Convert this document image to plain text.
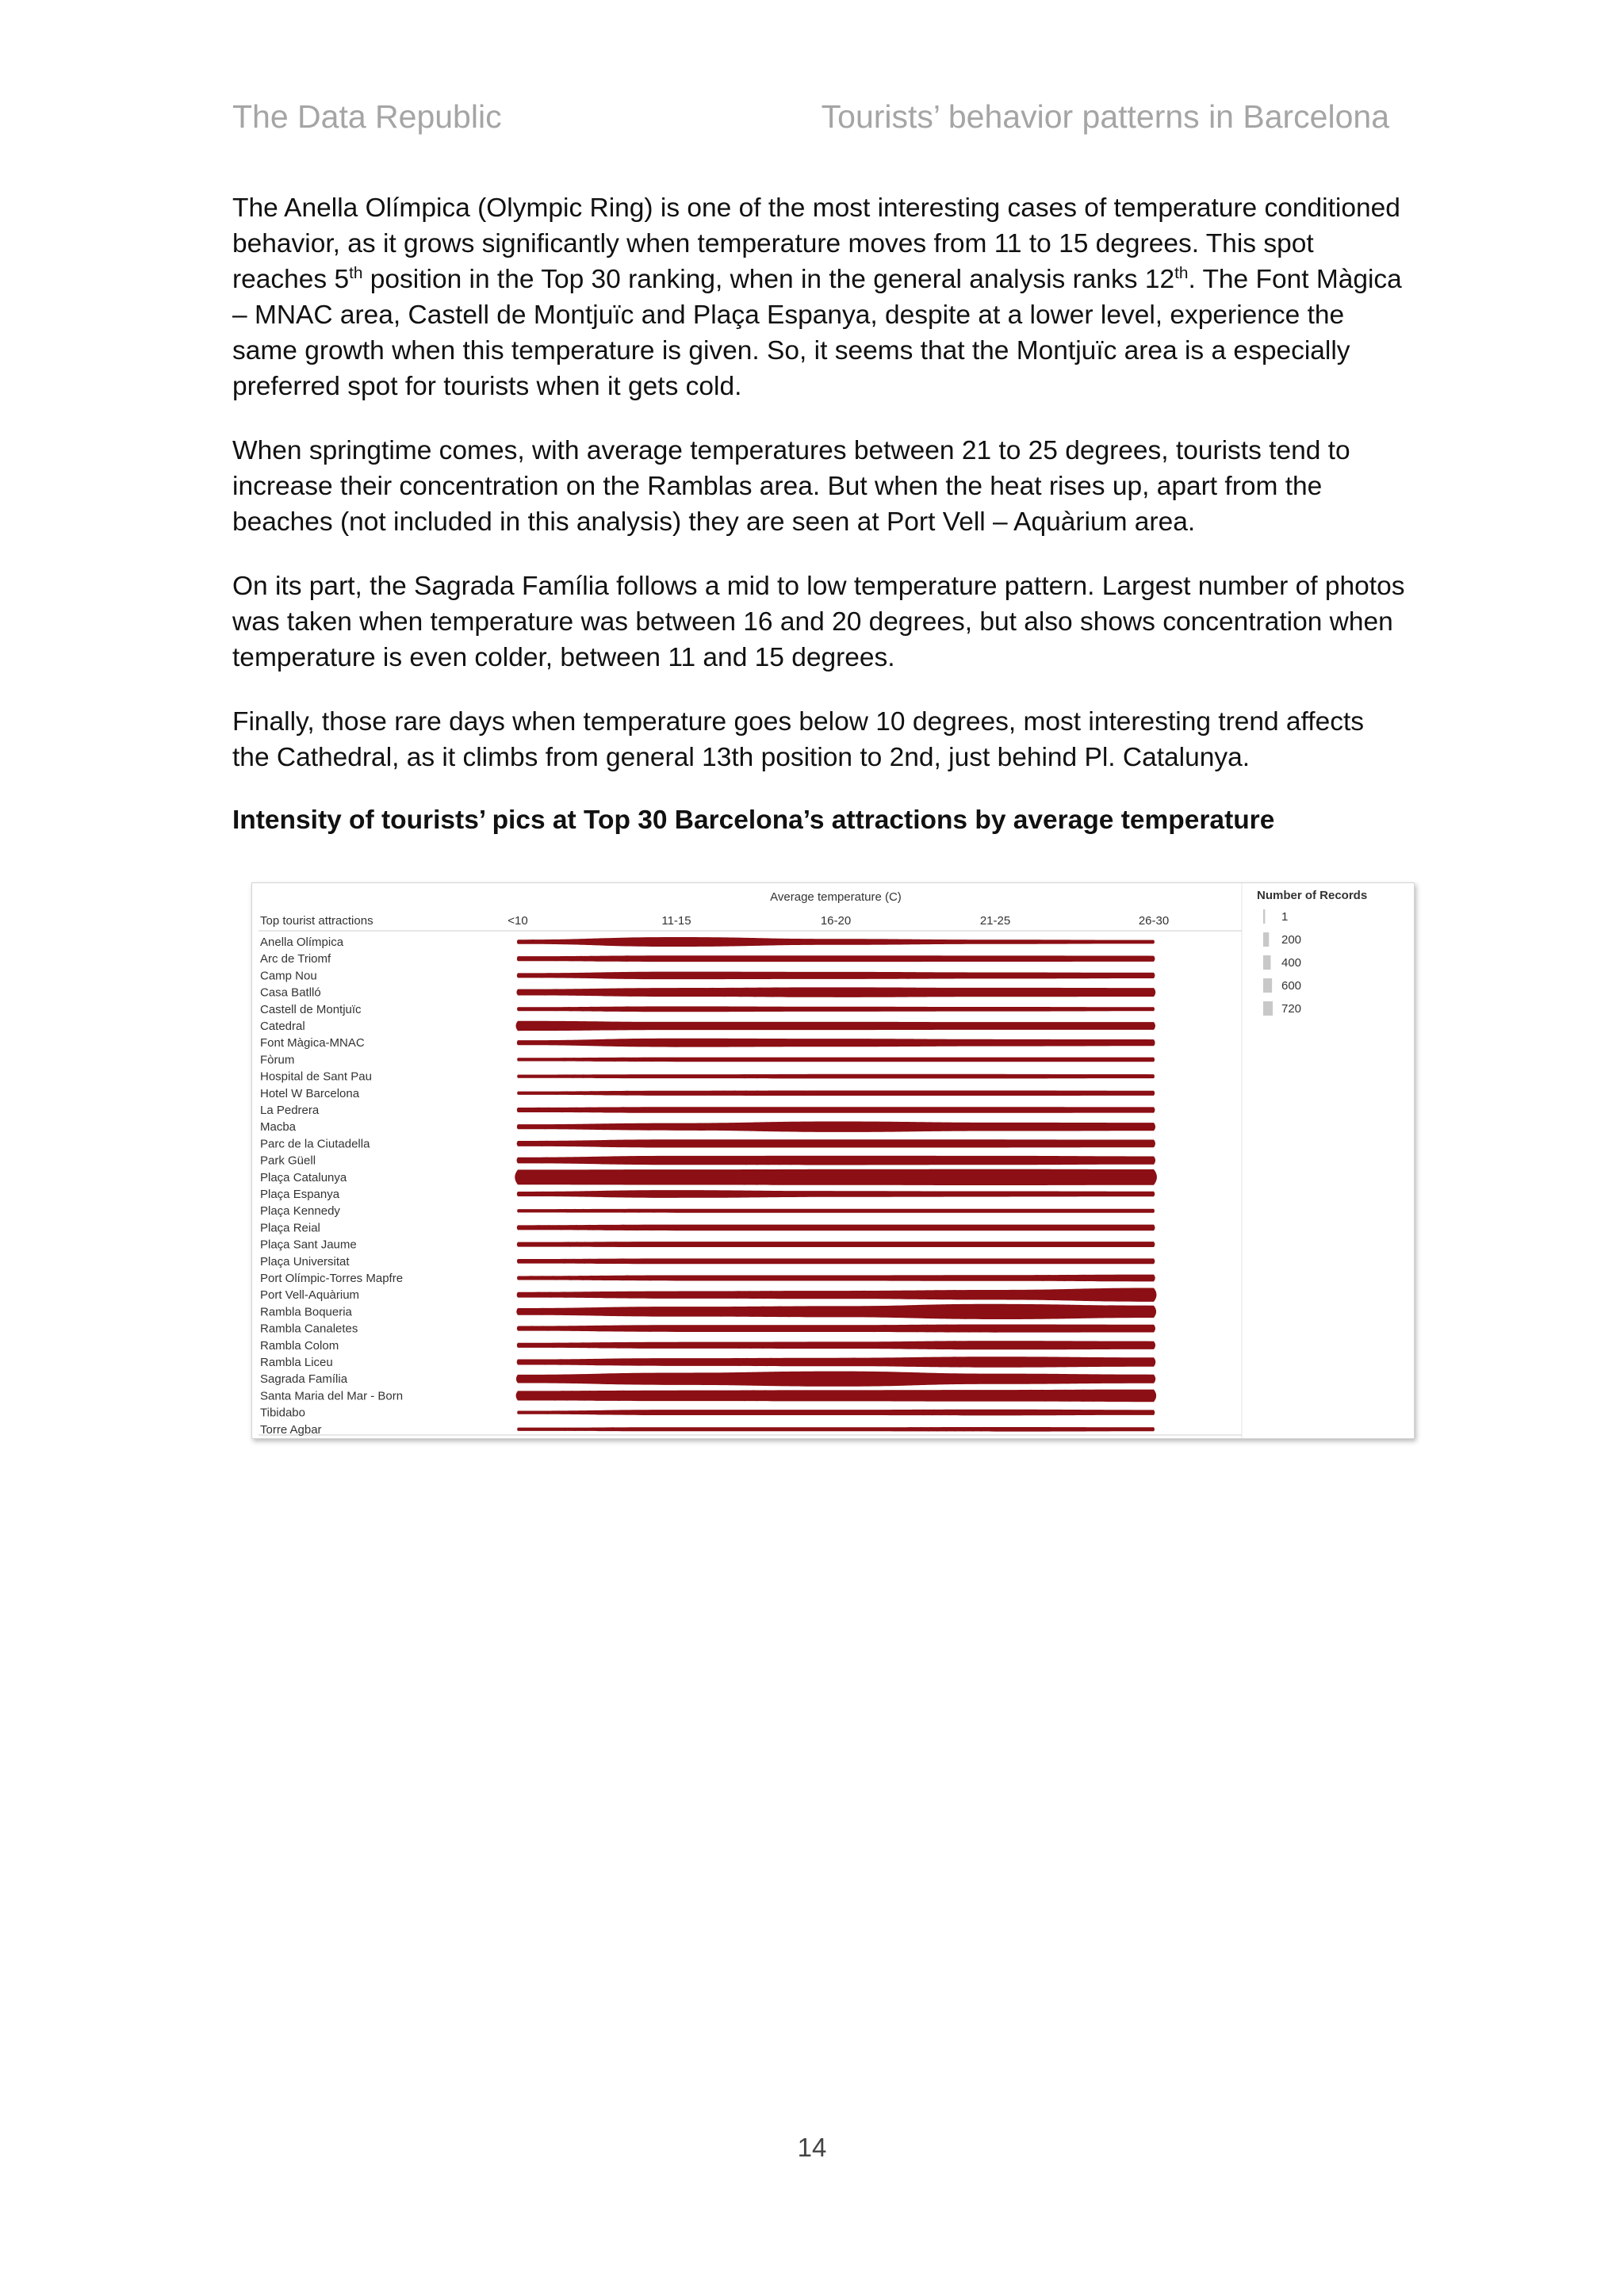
The Data Republic	Tourists’ behavior patterns in Barcelona

The Anella Olímpica (Olympic Ring) is one of the most interesting cases of temperature conditioned behavior, as it grows significantly when temperature moves from 11 to 15 degrees. This spot reaches 5th position in the Top 30 ranking, when in the general analysis ranks 12th. The Font Màgica – MNAC area, Castell de Montjuïc and Plaça Espanya, despite at a lower level, experience the same growth when this temperature is given. So, it seems that the Montjuïc area is a especially preferred spot for tourists when it gets cold.

When springtime comes, with average temperatures between 21 to 25 degrees, tourists tend to increase their concentration on the Ramblas area. But when the heat rises up, apart from the beaches (not included in this analysis) they are seen at Port Vell – Aquàrium area.

On its part, the Sagrada Família follows a mid to low temperature pattern. Largest number of photos was taken when temperature was between 16 and 20 degrees, but also shows concentration when temperature is even colder, between 11 and 15 degrees.

Finally, those rare days when temperature goes below 10 degrees, most interesting trend affects the Cathedral, as it climbs from general 13th position to 2nd, just behind Pl. Catalunya.

Intensity of tourists’ pics at Top 30 Barcelona’s attractions by average temperature

Average temperature (C)
Top tourist attractions
Number of Records
<10	11-15	16-20	21-25	26-30
Anella Olímpica
Arc de Triomf
Camp Nou
Casa Batlló
Castell de Montjuïc
Catedral
Font Màgica-MNAC
Fòrum
Hospital de Sant Pau
Hotel W Barcelona
La Pedrera
Macba
Parc de la Ciutadella
Park Güell
Plaça Catalunya
Plaça Espanya
Plaça Kennedy
Plaça Reial
Plaça Sant Jaume
Plaça Universitat
Port Olímpic-Torres Mapfre
Port Vell-Aquàrium
Rambla Boqueria
Rambla Canaletes
Rambla Colom
Rambla Liceu
Sagrada Família
Santa Maria del Mar - Born
Tibidabo
Torre Agbar
1
200
400
600
720
14
